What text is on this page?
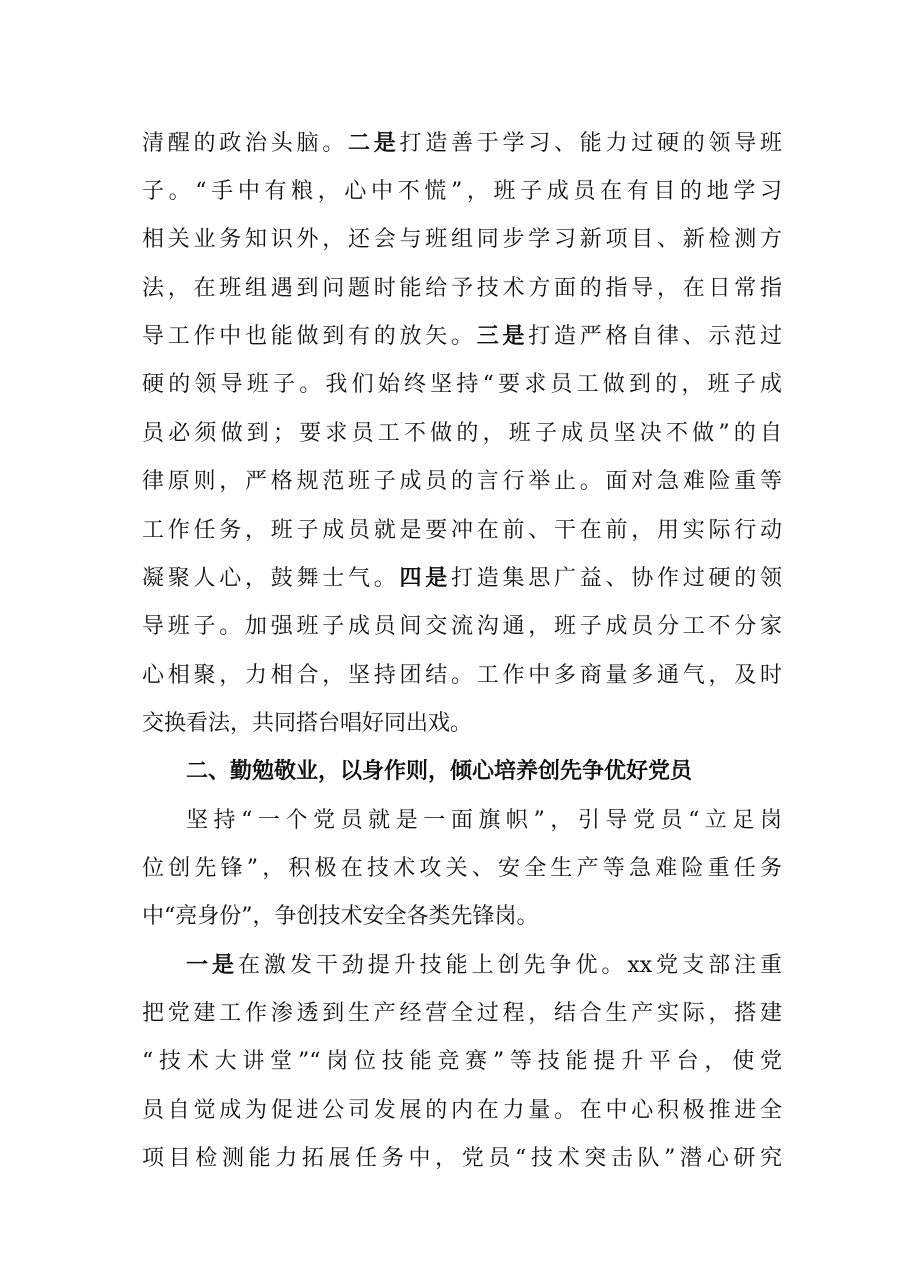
清醒的政治头脑。二是打造善于学习、能力过硬的领导班
子。“手中有粮，心中不慌”，班子成员在有目的地学习
相关业务知识外，还会与班组同步学习新项目、新检测方
法，在班组遇到问题时能给予技术方面的指导，在日常指
导工作中也能做到有的放矢。三是打造严格自律、示范过
硬的领导班子。我们始终坚持“要求员工做到的，班子成
员必须做到；要求员工不做的，班子成员坚决不做”的自
律原则，严格规范班子成员的言行举止。面对急难险重等
工作任务，班子成员就是要冲在前、干在前，用实际行动
凝聚人心，鼓舞士气。四是打造集思广益、协作过硬的领
导班子。加强班子成员间交流沟通，班子成员分工不分家
心相聚，力相合，坚持团结。工作中多商量多通气，及时
交换看法，共同搭台唱好同出戏。
二、勤勉敬业，以身作则，倾心培养创先争优好党员
坚持“一个党员就是一面旗帜”，引导党员“立足岗
位创先锋”，积极在技术攻关、安全生产等急难险重任务
中“亮身份”，争创技术安全各类先锋岗。
一是在激发干劲提升技能上创先争优。xx党支部注重
把党建工作渗透到生产经营全过程，结合生产实际，搭建
“技术大讲堂”“岗位技能竞赛”等技能提升平台，使党
员自觉成为促进公司发展的内在力量。在中心积极推进全
项目检测能力拓展任务中，党员“技术突击队”潜心研究
